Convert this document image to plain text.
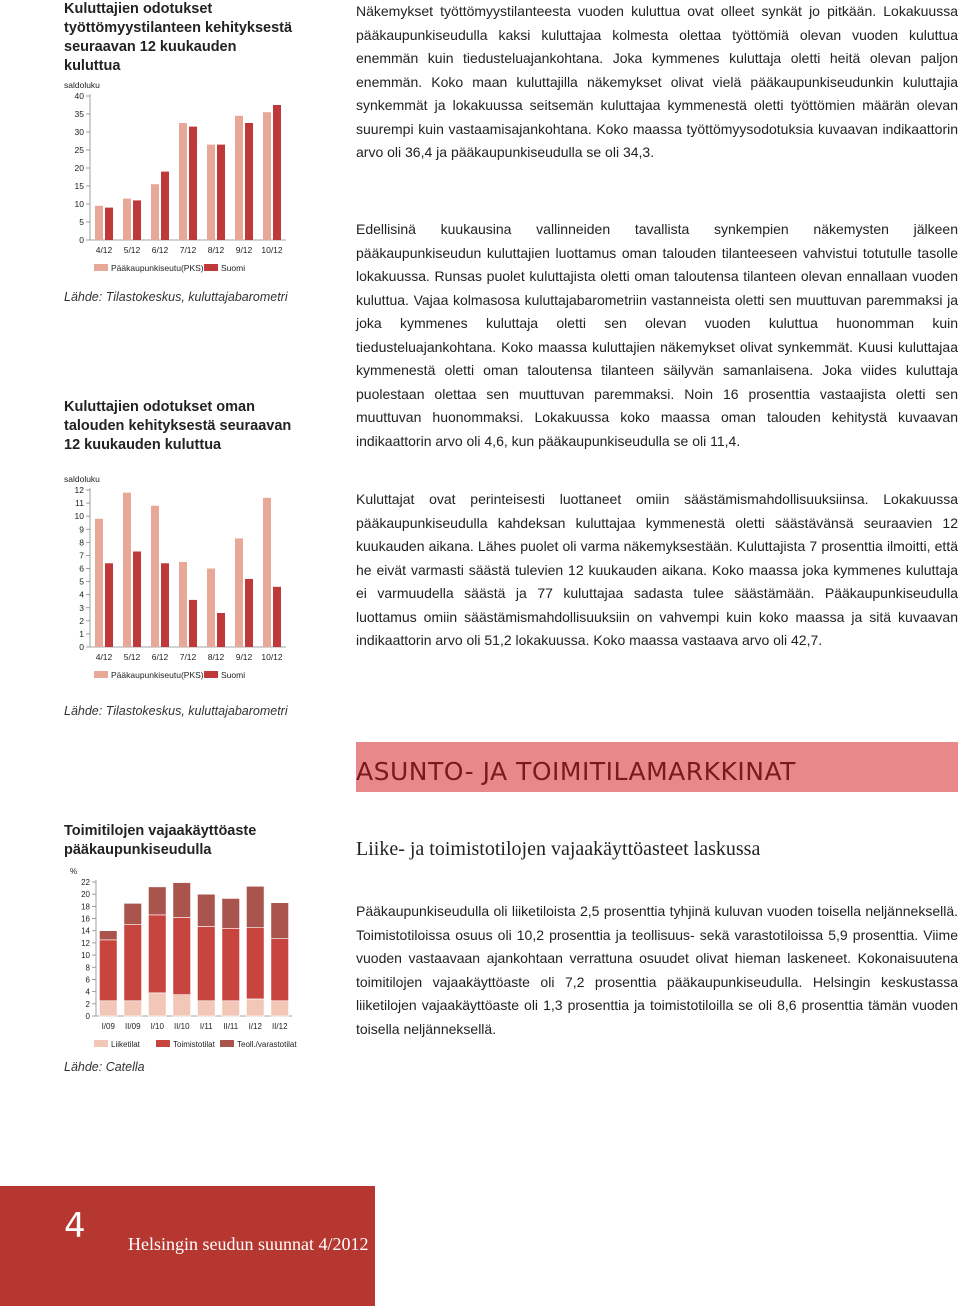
Kuluttajien odotukset työttömyystilanteen kehityksestä seuraavan 12 kuukauden kuluttua

saldoluku
0
5
10
15
20
25
30
35
40
4/12 5/12 6/12 7/12 8/12 9/12 10/12
Pääkaupunkiseutu(PKS) Suomi
Lähde: Tilastokeskus, kuluttajabarometri

Kuluttajien odotukset oman talouden kehityksestä seuraavan 12 kuukauden kuluttua

saldoluku
0
1
2
3
4
5
6
7
8
9
10
11
12
4/12 5/12 6/12 7/12 8/12 9/12 10/12
Pääkaupunkiseutu(PKS) Suomi
Lähde: Tilastokeskus, kuluttajabarometri

Toimitilojen vajaakäyttöaste pääkaupunkiseudulla

%
0
2
4
6
8
10
12
14
16
18
20
22
I/09 II/09 I/10 II/10 I/11 II/11 I/12 II/12
Liiketilat	Toimistotilat	Teoll./varastotilat
Lähde: Catella

Näkemykset työttömyystilanteesta vuoden kuluttua ovat olleet synkät jo pitkään. Lokakuussa pääkaupunkiseudulla kaksi kuluttajaa kolmesta olettaa työttömiä olevan vuoden kuluttua enemmän kuin tiedusteluajankohtana. Joka kymmenes kuluttaja oletti heitä olevan paljon enemmän. Koko maan kuluttajilla näkemykset olivat vielä pääkaupunkiseudunkin kuluttajia synkemmät ja lokakuussa seitsemän kuluttajaa kymmenestä oletti työttömien määrän olevan suurempi kuin vastaamisajankohtana. Koko maassa työttömyysodotuksia kuvaavan indikaattorin arvo oli 36,4 ja pääkaupunkiseudulla se oli 34,3.

Edellisinä kuukausina vallinneiden tavallista synkempien näkemysten jälkeen pääkaupunkiseudun kuluttajien luottamus oman talouden tilanteeseen vahvistui totutulle tasolle lokakuussa. Runsas puolet kuluttajista oletti oman taloutensa tilanteen olevan ennallaan vuoden kuluttua. Vajaa kolmasosa kuluttajabarometriin vastanneista oletti sen muuttuvan paremmaksi ja joka kymmenes kuluttaja oletti sen olevan vuoden kuluttua huonomman kuin tiedusteluajankohtana. Koko maassa kuluttajien näkemykset olivat synkemmät. Kuusi kuluttajaa kymmenestä oletti oman taloutensa tilanteen säilyvän samanlaisena. Joka viides kuluttaja puolestaan olettaa sen muuttuvan paremmaksi. Noin 16 prosenttia vastaajista oletti sen muuttuvan huonommaksi. Lokakuussa koko maassa oman talouden kehitystä kuvaavan indikaattorin arvo oli 4,6, kun pääkaupunkiseudulla se oli 11,4.

Kuluttajat ovat perinteisesti luottaneet omiin säästämismahdollisuuksiinsa. Lokakuussa pääkaupunkiseudulla kahdeksan kuluttajaa kymmenestä oletti säästävänsä seuraavien 12 kuukauden aikana. Lähes puolet oli varma näkemyksestään. Kuluttajista 7 prosenttia ilmoitti, että he eivät varmasti säästä tulevien 12 kuukauden aikana. Koko maassa joka kymmenes kuluttaja ei varmuudella säästä ja 77 kuluttajaa sadasta tulee säästämään. Pääkaupunkiseudulla luottamus omiin säästämismahdollisuuksiin on vahvempi kuin koko maassa ja sitä kuvaavan indikaattorin arvo oli 51,2 lokakuussa. Koko maassa vastaava arvo oli 42,7.

ASUNTO- JA TOIMITILAMARKKINAT
Liike- ja toimistotilojen vajaakäyttöasteet laskussa

Pääkaupunkiseudulla oli liiketiloista 2,5 prosenttia tyhjinä kuluvan vuoden toisella neljänneksellä. Toimistotiloissa osuus oli 10,2 prosenttia ja teollisuus- sekä varastotiloissa 5,9 prosenttia. Viime vuoden vastaavaan ajankohtaan verrattuna osuudet olivat hieman laskeneet. Kokonaisuutena toimitilojen vajaakäyttöaste oli 7,2 prosenttia pääkaupunkiseudulla. Helsingin keskustassa liiketilojen vajaakäyttöaste oli 1,3 prosenttia ja toimistotiloilla se oli 8,6 prosenttia tämän vuoden toisella neljänneksellä.

4 Helsingin seudun suunnat 4/2012
